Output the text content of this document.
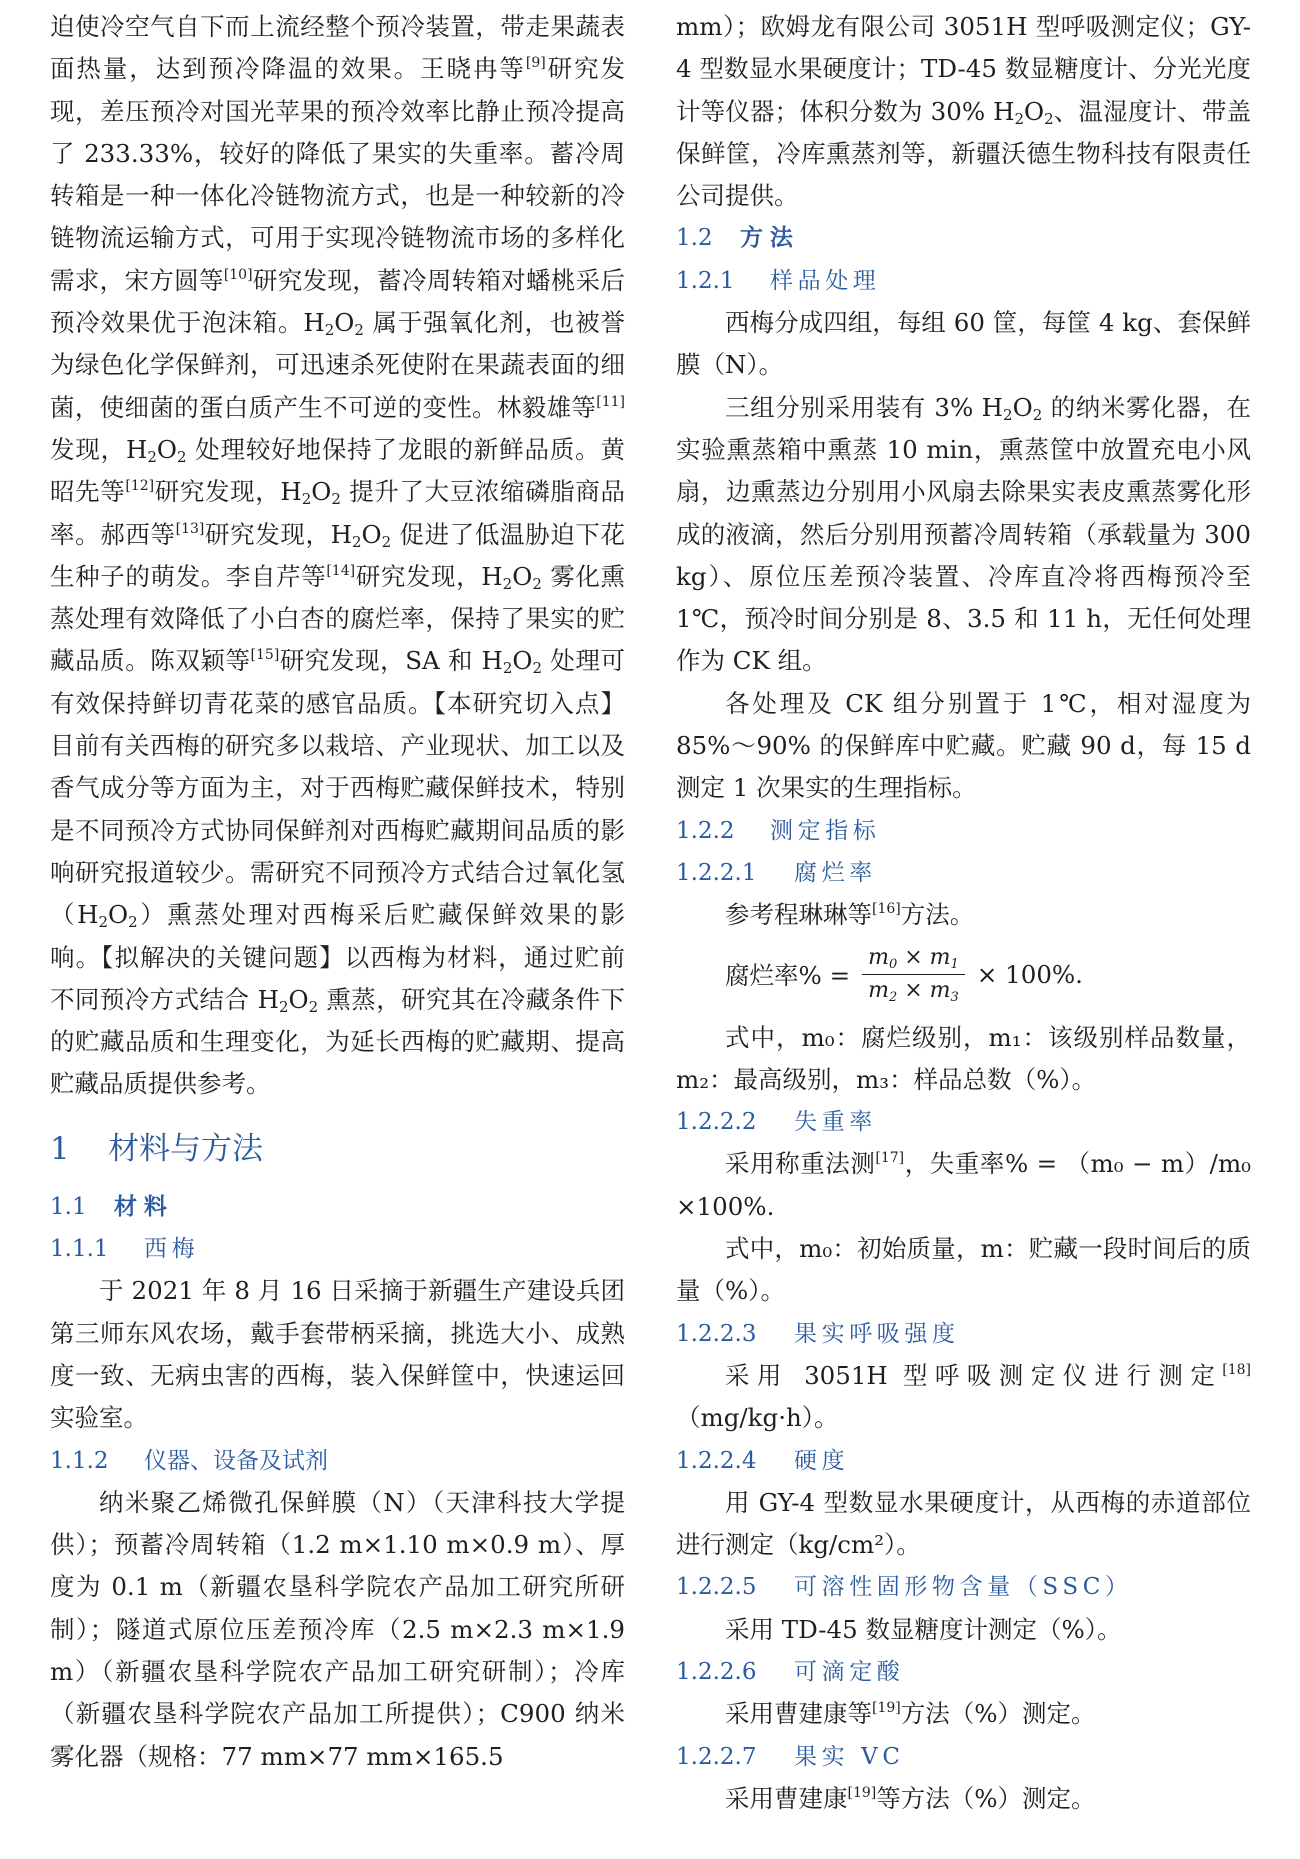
迫使冷空气自下而上流经整个预冷装置，带走果蔬表面热量，达到预冷降温的效果。王晓冉等[9]研究发现，差压预冷对国光苹果的预冷效率比静止预冷提高了 233.33%，较好的降低了果实的失重率。蓄冷周转箱是一种一体化冷链物流方式，也是一种较新的冷链物流运输方式，可用于实现冷链物流市场的多样化需求，宋方圆等[10]研究发现，蓄冷周转箱对蟠桃采后预冷效果优于泡沫箱。$H_2O_2$ 属于强氧化剂，也被誉为绿色化学保鲜剂，可迅速杀死使附在果蔬表面的细菌，使细菌的蛋白质产生不可逆的变性。林毅雄等[11]发现，$H_2O_2$ 处理较好地保持了龙眼的新鲜品质。黄昭先等[12]研究发现，$H_2O_2$ 提升了大豆浓缩磷脂商品率。郝西等[13]研究发现，$H_2O_2$ 促进了低温胁迫下花生种子的萌发。李自芹等[14]研究发现，$H_2O_2$ 雾化熏蒸处理有效降低了小白杏的腐烂率，保持了果实的贮藏品质。陈双颖等[15]研究发现，SA 和 $H_2O_2$ 处理可有效保持鲜切青花菜的感官品质。【本研究切入点】目前有关西梅的研究多以栽培、产业现状、加工以及香气成分等方面为主，对于西梅贮藏保鲜技术，特别是不同预冷方式协同保鲜剂对西梅贮藏期间品质的影响研究报道较少。需研究不同预冷方式结合过氧化氢$(H_2O_2)$熏蒸处理对西梅采后贮藏保鲜效果的影响。【拟解决的关键问题】以西梅为材料，通过贮前不同预冷方式结合 $H_2O_2$ 熏蒸，研究其在冷藏条件下的贮藏品质和生理变化，为延长西梅的贮藏期、提高贮藏品质提供参考。

1 材料与方法
1.1 材料
1.1.1 西梅

于 2021 年 8 月 16 日采摘于新疆生产建设兵团第三师东风农场，戴手套带柄采摘，挑选大小、成熟度一致、无病虫害的西梅，装入保鲜筐中，快速运回实验室。

1.1.2 仪器、设备及试剂

纳米聚乙烯微孔保鲜膜（N）（天津科技大学提供）；预蓄冷周转箱（1.2 m×1.10 m×0.9 m）、厚度为 0.1 m（新疆农垦科学院农产品加工研究所研制）；隧道式原位压差预冷库（2.5 m×2.3 m×1.9 m）（新疆农垦科学院农产品加工研究研制）；冷库（新疆农垦科学院农产品加工所提供）；C900 纳米雾化器（规格：77 mm×77 mm×165.5

mm）；欧姆龙有限公司 3051H 型呼吸测定仪；GY-4 型数显水果硬度计；TD-45 数显糖度计、分光光度计等仪器；体积分数为 30% $H_2O_2$、温湿度计、带盖保鲜筐，冷库熏蒸剂等，新疆沃德生物科技有限责任公司提供。

1.2 方法
1.2.1 样品处理

西梅分成四组，每组 60 筐，每筐 4 kg、套保鲜膜（N）。

三组分别采用装有 3% $H_2O_2$ 的纳米雾化器，在实验熏蒸箱中熏蒸 10 min，熏蒸筐中放置充电小风扇，边熏蒸边分别用小风扇去除果实表皮熏蒸雾化形成的液滴，然后分别用预蓄冷周转箱（承载量为 300 kg）、原位压差预冷装置、冷库直冷将西梅预冷至 1℃，预冷时间分别是 8、3.5 和 11 h，无任何处理作为 CK 组。

各处理及 CK 组分别置于 1℃，相对湿度为 85%～90% 的保鲜库中贮藏。贮藏 90 d，每 15 d 测定 1 次果实的生理指标。

1.2.2 测定指标
1.2.2.1 腐烂率

参考程琳琳等[16]方法。

腐烂率% = $\frac{m_0 \times m_1}{m_2 \times m_3} \times 100\%$.

式中，m₀：腐烂级别，m₁：该级别样品数量，m₂：最高级别，m₃：样品总数（%）。

1.2.2.2 失重率

采用称重法测[17]，失重率% = （m₀ − m）/m₀ ×100%.

式中，m₀：初始质量，m：贮藏一段时间后的质量（%）。

1.2.2.3 果实呼吸强度

采用 3051H 型呼吸测定仪进行测定[18]（mg/kg·h）。

1.2.2.4 硬度

用 GY-4 型数显水果硬度计，从西梅的赤道部位进行测定（kg/cm²）。

1.2.2.5 可溶性固形物含量（SSC）

采用 TD-45 数显糖度计测定（%）。

1.2.2.6 可滴定酸

采用曹建康等[19]方法（%）测定。

1.2.2.7 果实 VC

采用曹建康[19]等方法（%）测定。
